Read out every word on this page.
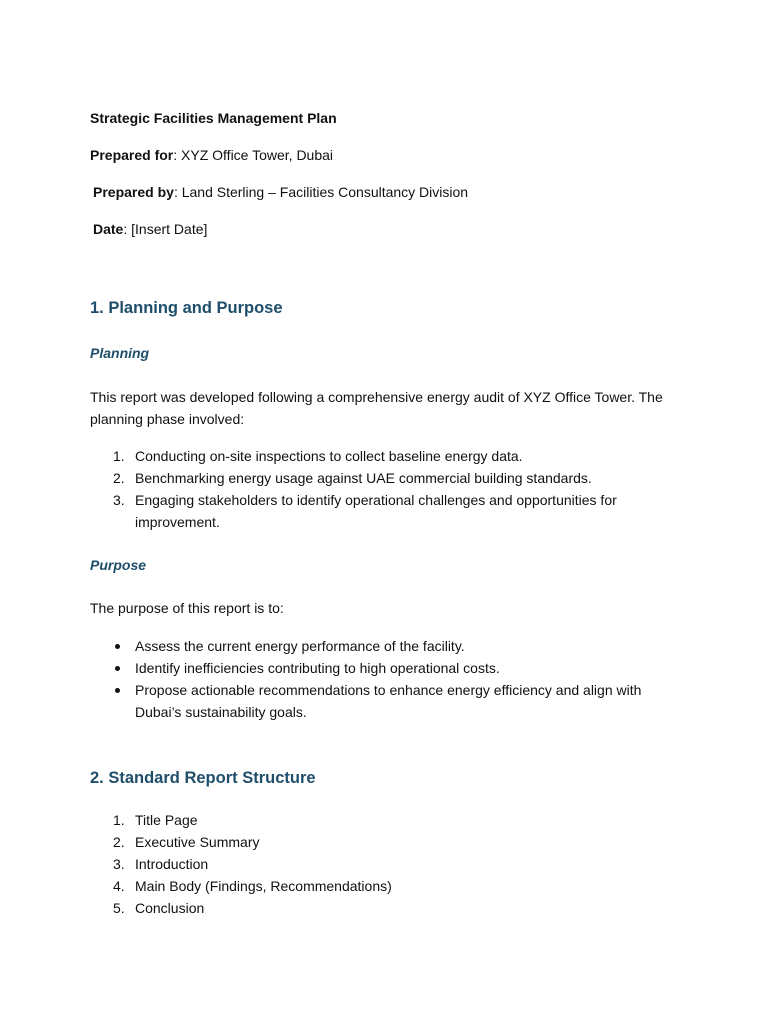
Strategic Facilities Management Plan
Prepared for: XYZ Office Tower, Dubai
Prepared by: Land Sterling – Facilities Consultancy Division
Date: [Insert Date]
1. Planning and Purpose
Planning
This report was developed following a comprehensive energy audit of XYZ Office Tower. The planning phase involved:
1. Conducting on-site inspections to collect baseline energy data.
2. Benchmarking energy usage against UAE commercial building standards.
3. Engaging stakeholders to identify operational challenges and opportunities for improvement.
Purpose
The purpose of this report is to:
Assess the current energy performance of the facility.
Identify inefficiencies contributing to high operational costs.
Propose actionable recommendations to enhance energy efficiency and align with Dubai’s sustainability goals.
2. Standard Report Structure
1. Title Page
2. Executive Summary
3. Introduction
4. Main Body (Findings, Recommendations)
5. Conclusion
